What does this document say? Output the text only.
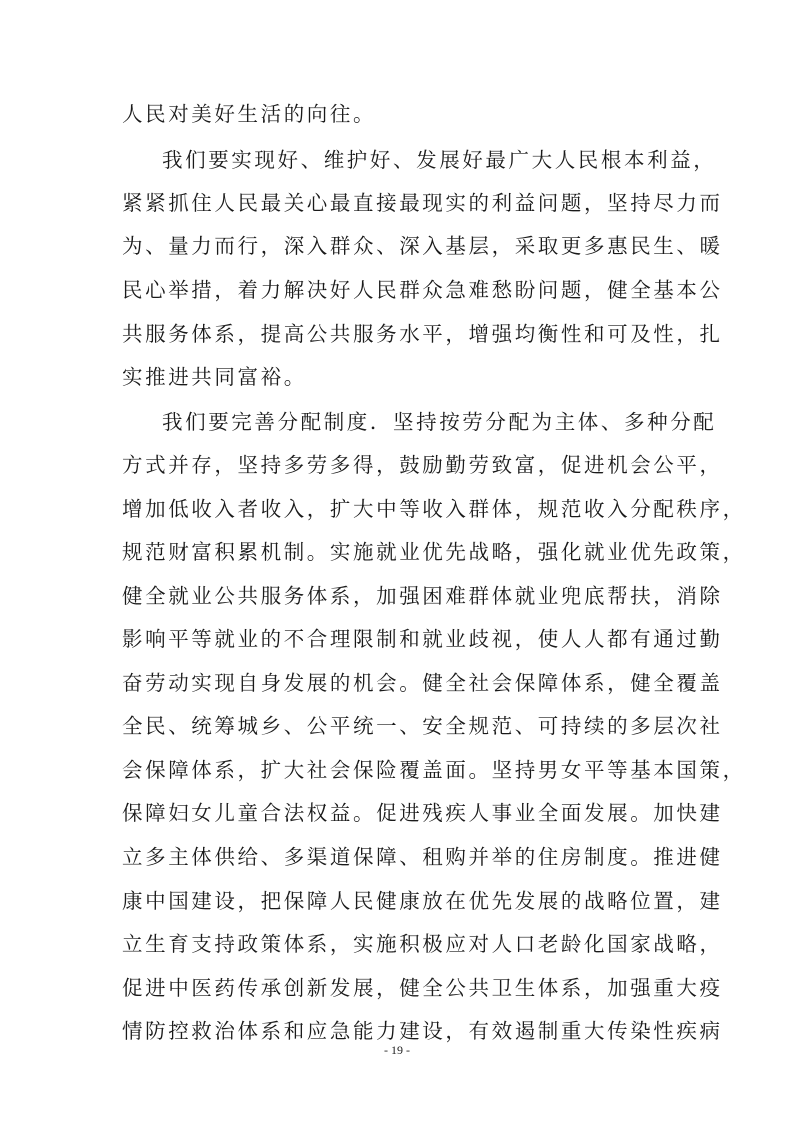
人民对美好生活的向往。
我们要实现好、维护好、发展好最广大人民根本利益，
紧紧抓住人民最关心最直接最现实的利益问题，坚持尽力而
为、量力而行，深入群众、深入基层，采取更多惠民生、暖
民心举措，着力解决好人民群众急难愁盼问题，健全基本公
共服务体系，提高公共服务水平，增强均衡性和可及性，扎
实推进共同富裕。
我们要完善分配制度．坚持按劳分配为主体、多种分配
方式并存，坚持多劳多得，鼓励勤劳致富，促进机会公平，
增加低收入者收入，扩大中等收入群体，规范收入分配秩序，
规范财富积累机制。实施就业优先战略，强化就业优先政策，
健全就业公共服务体系，加强困难群体就业兜底帮扶，消除
影响平等就业的不合理限制和就业歧视，使人人都有通过勤
奋劳动实现自身发展的机会。健全社会保障体系，健全覆盖
全民、统筹城乡、公平统一、安全规范、可持续的多层次社
会保障体系，扩大社会保险覆盖面。坚持男女平等基本国策，
保障妇女儿童合法权益。促进残疾人事业全面发展。加快建
立多主体供给、多渠道保障、租购并举的住房制度。推进健
康中国建设，把保障人民健康放在优先发展的战略位置，建
立生育支持政策体系，实施积极应对人口老龄化国家战略，
促进中医药传承创新发展，健全公共卫生体系，加强重大疫
情防控救治体系和应急能力建设，有效遏制重大传染性疾病
- 19 -
